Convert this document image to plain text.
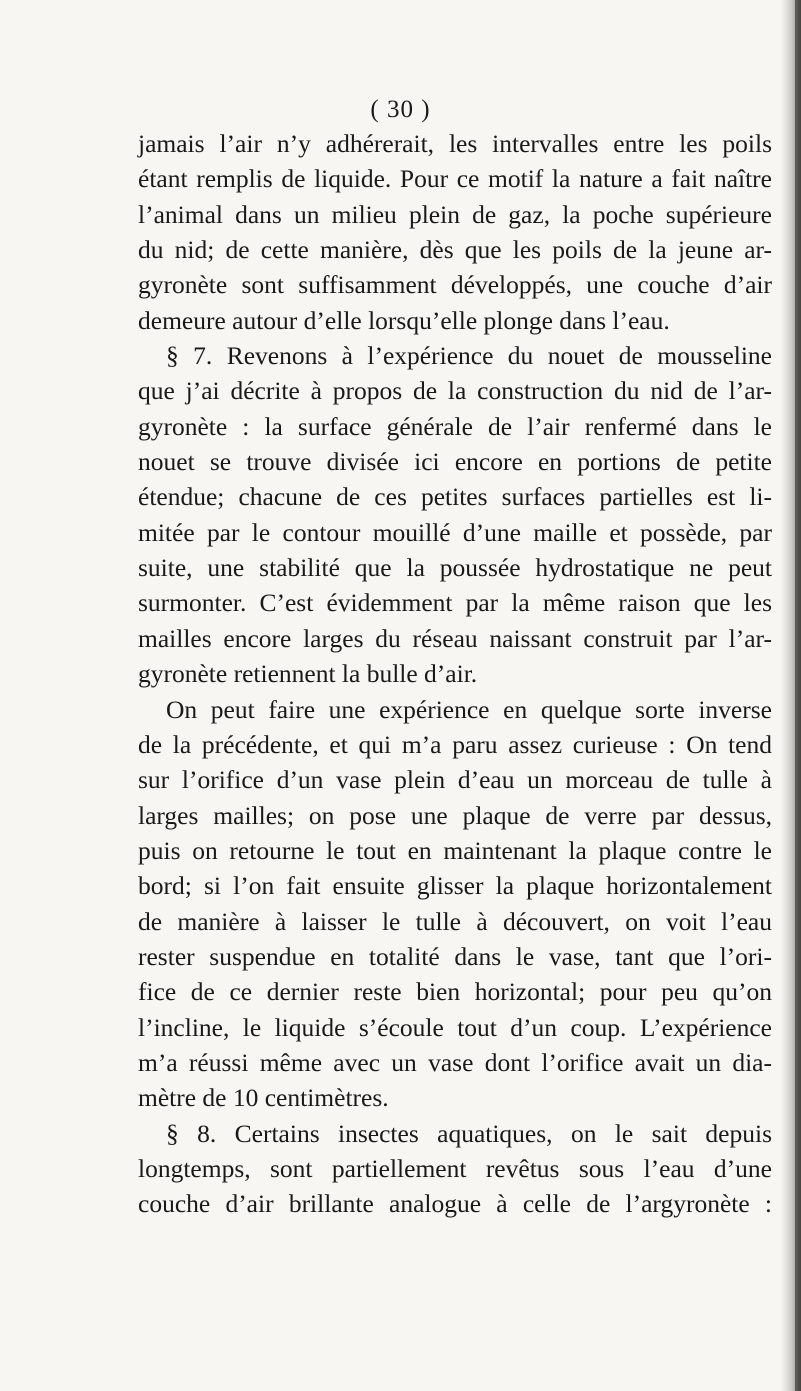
( 30 )
jamais l’air n’y adhérerait, les intervalles entre les poils
étant remplis de liquide. Pour ce motif la nature a fait naître
l’animal dans un milieu plein de gaz, la poche supérieure
du nid; de cette manière, dès que les poils de la jeune ar-
gyronète sont suffisamment développés, une couche d’air
demeure autour d’elle lorsqu’elle plonge dans l’eau.
§ 7. Revenons à l’expérience du nouet de mousseline
que j’ai décrite à propos de la construction du nid de l’ar-
gyronète : la surface générale de l’air renfermé dans le
nouet se trouve divisée ici encore en portions de petite
étendue; chacune de ces petites surfaces partielles est li-
mitée par le contour mouillé d’une maille et possède, par
suite, une stabilité que la poussée hydrostatique ne peut
surmonter. C’est évidemment par la même raison que les
mailles encore larges du réseau naissant construit par l’ar-
gyronète retiennent la bulle d’air.
On peut faire une expérience en quelque sorte inverse
de la précédente, et qui m’a paru assez curieuse : On tend
sur l’orifice d’un vase plein d’eau un morceau de tulle à
larges mailles; on pose une plaque de verre par dessus,
puis on retourne le tout en maintenant la plaque contre le
bord; si l’on fait ensuite glisser la plaque horizontalement
de manière à laisser le tulle à découvert, on voit l’eau
rester suspendue en totalité dans le vase, tant que l’ori-
fice de ce dernier reste bien horizontal; pour peu qu’on
l’incline, le liquide s’écoule tout d’un coup. L’expérience
m’a réussi même avec un vase dont l’orifice avait un dia-
mètre de 10 centimètres.
§ 8. Certains insectes aquatiques, on le sait depuis
longtemps, sont partiellement revêtus sous l’eau d’une
couche d’air brillante analogue à celle de l’argyronète :
